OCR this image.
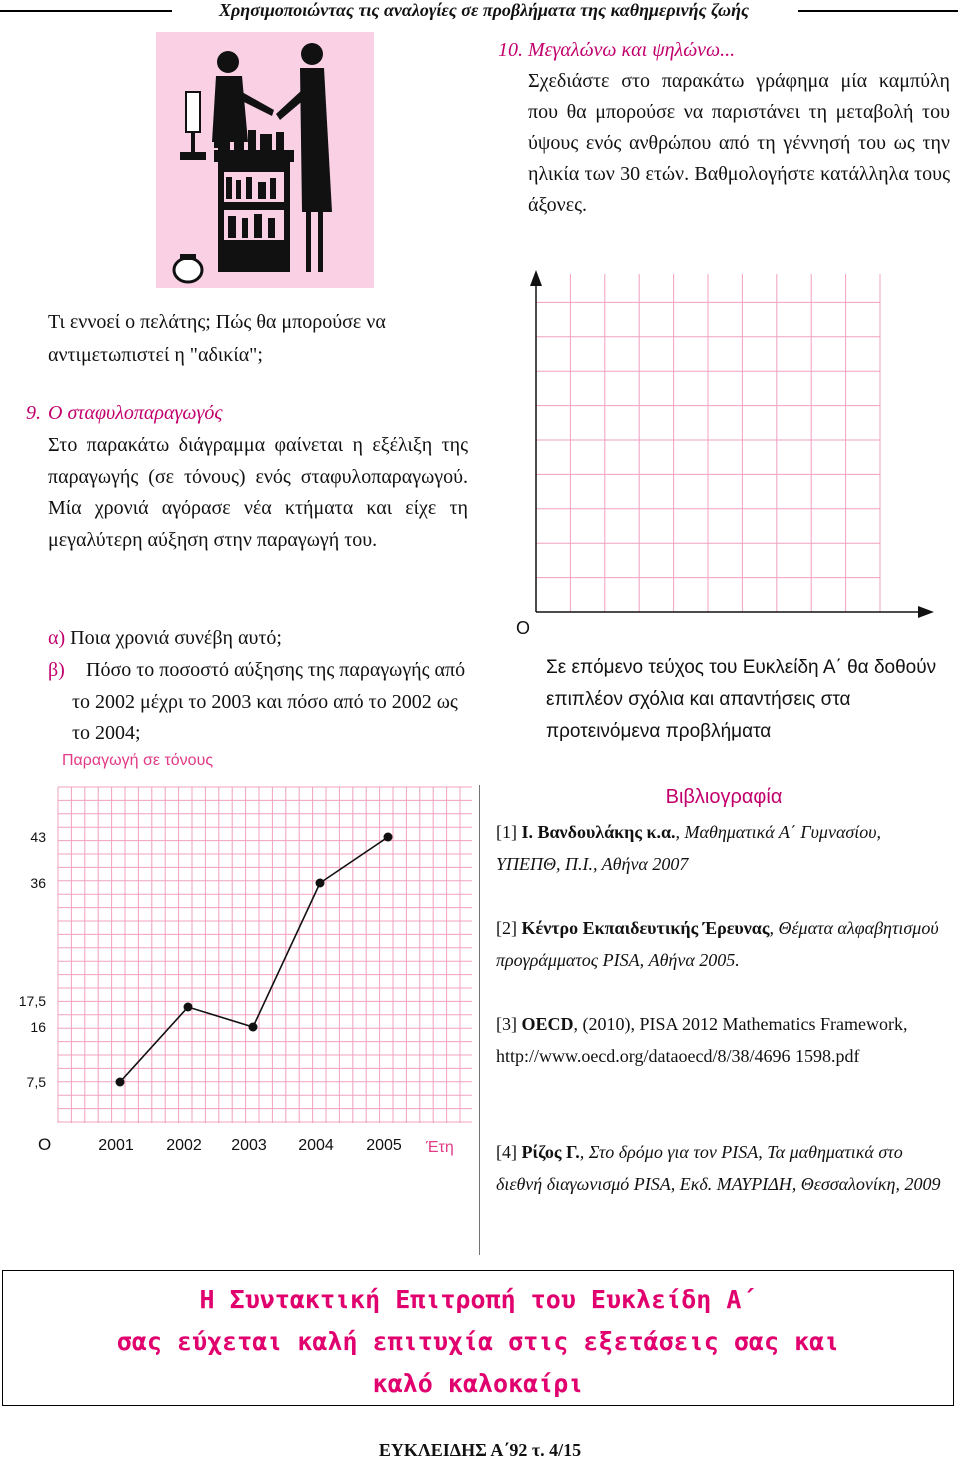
Χρησιμοποιώντας τις αναλογίες σε προβλήματα της καθημερινής ζωής
10. Μεγαλώνω και ψηλώνω...
Σχεδιάστε στο παρακάτω γράφημα μία καμπύλη που θα μπορούσε να παριστάνει τη μεταβολή του ύψους ενός ανθρώπου από τη γέννησή του ως την ηλικία των 30 ετών. Βαθμολογήστε κατάλληλα τους άξονες.
Τι εννοεί ο πελάτης; Πώς θα μπορούσε να αντιμετωπιστεί η "αδικία";
9. Ο σταφυλοπαραγωγός
Στο παρακάτω διάγραμμα φαίνεται η εξέλιξη της παραγωγής (σε τόνους) ενός σταφυλοπαραγωγού. Μία χρονιά αγόρασε νέα κτήματα και είχε τη μεγαλύτερη αύξηση στην παραγωγή του.
α) Ποια χρονιά συνέβη αυτό;
β)	Πόσο το ποσοστό αύξησης της παραγωγής από το 2002 μέχρι το 2003 και πόσο από το 2002 ως το 2004;
Παραγωγή σε τόνους
43
36
17,5
16
7,5
O	2001 2002 2003 2004 2005 Έτη
O
Σε επόμενο τεύχος του Ευκλείδη Α΄ θα δοθούν επιπλέον σχόλια και απαντήσεις στα προτεινόμενα προβλήματα
Βιβλιογραφία
[1] Ι. Βανδουλάκης κ.α., Μαθηματικά Α΄ Γυμνασίου, ΥΠΕΠΘ, Π.Ι., Αθήνα 2007
[2] Κέντρο Εκπαιδευτικής Έρευνας, Θέματα αλφαβητισμού προγράμματος PISA, Αθήνα 2005.
[3] OECD, (2010), PISA 2012 Mathematics Framework, http://www.oecd.org/dataoecd/8/38/4696 1598.pdf
[4] Ρίζος Γ., Στο δρόμο για τον PISA, Τα μαθηματικά στο διεθνή διαγωνισμό PISA, Εκδ. ΜΑΥΡΙΔΗ, Θεσσαλονίκη, 2009
Η Συντακτική Επιτροπή του Ευκλείδη Α΄
σας εύχεται καλή επιτυχία στις εξετάσεις σας και
καλό καλοκαίρι
ΕΥΚΛΕΙΔΗΣ Α΄92 τ. 4/15
